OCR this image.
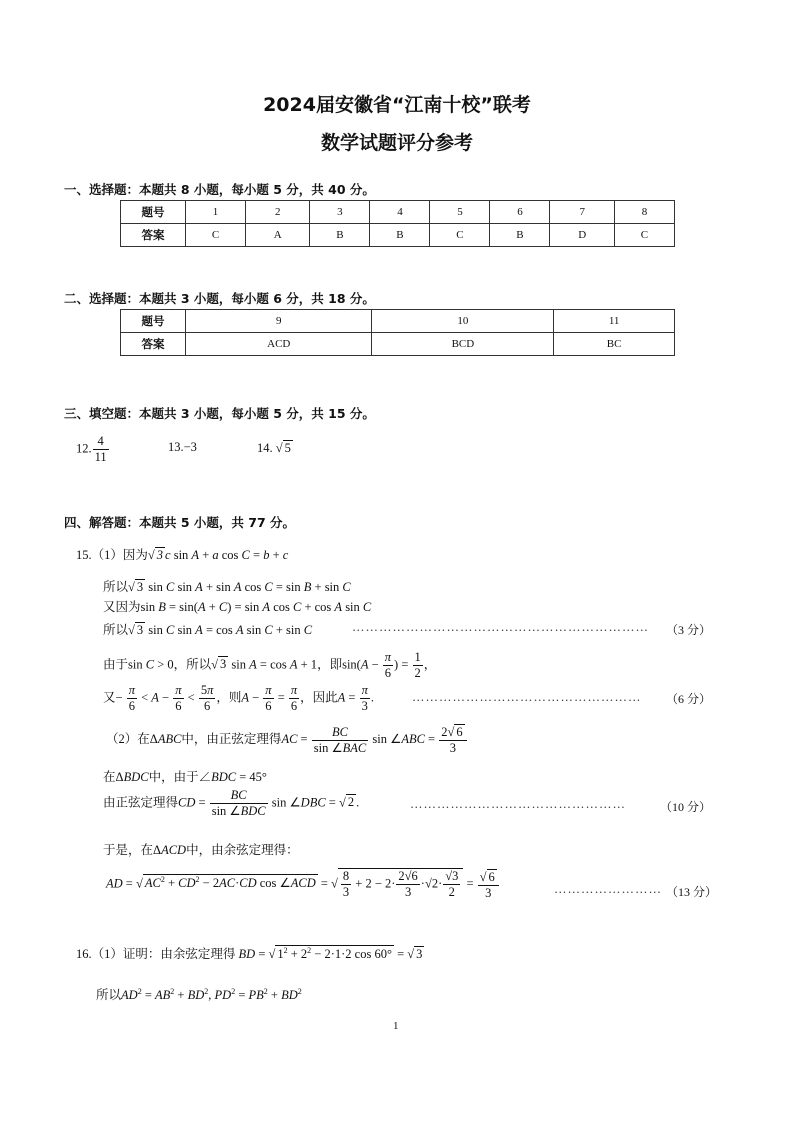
2024届安徽省“江南十校”联考
数学试题评分参考
一、选择题：本题共 8 小题，每小题 5 分，共 40 分。
题号	1	2	3	4	5	6	7	8
答案	C	A	B	B	C	B	D	C
二、选择题：本题共 3 小题，每小题 6 分，共 18 分。
题号	9	10	11
答案	ACD	BCD	BC
三、填空题：本题共 3 小题，每小题 5 分，共 15 分。
12. $\frac{4}{11}$	13.−3	14. √ 5
四、解答题：本题共 5 小题，共 77 分。
15.（1）因为√ 3 c sin A + a cos C = b + c
所以√ 3 sin C sin A + sin A cos C = sin B + sin C
又因为sin B = sin(A + C) = sin A cos C + cos A sin C
所以√ 3 sin C sin A = cos A sin C + sin C	………………………………………………………… （3 分）
由于sin C > 0，所以√ 3 sin A = cos A + 1，即$\sin(A - \frac{\pi}{6}$ ) = $\frac{1}{2}$ ，
又− $\frac{\pi}{6} < A - \frac{\pi}{6} < \frac{5\pi}{6}$ ，则$A - \frac{\pi}{6} = \frac{\pi}{6}$ ，因此$A = \frac{\pi}{3}$ .	…………………………………………… （6 分）
（2）在ΔABC中，由正弦定理得AC = $\frac{BC}{\text{sin ∠BAC}}$ sin ∠ABC = $\frac{2√ 6}{3}$
在ΔBDC中，由于∠BDC = 45°
由正弦定理得CD = $\frac{BC}{\text{sin ∠BDC}}$ sin ∠DBC = √ 2 .	…………………………………………	（10 分）
于是，在ΔACD中，由余弦定理得：
AD = √ $AC^2 + CD^2 - 2AC\cdot CD$ cos ∠ACD = √ $\frac{8}{3} + 2 - 2\cdot \frac{2√6}{3} \cdot√2\cdot \frac{√3}{2} = \frac{√ 6}{3}$	…………………… （13 分）
16.（1）证明：由余弦定理得 BD = √ $1^2 + 2^2 - 2\cdot 1\cdot 2$ cos 60° = √ 3
所以$AD^2 = AB^2 + BD^2$, $PD^2 = PB^2 + BD^2$
1
